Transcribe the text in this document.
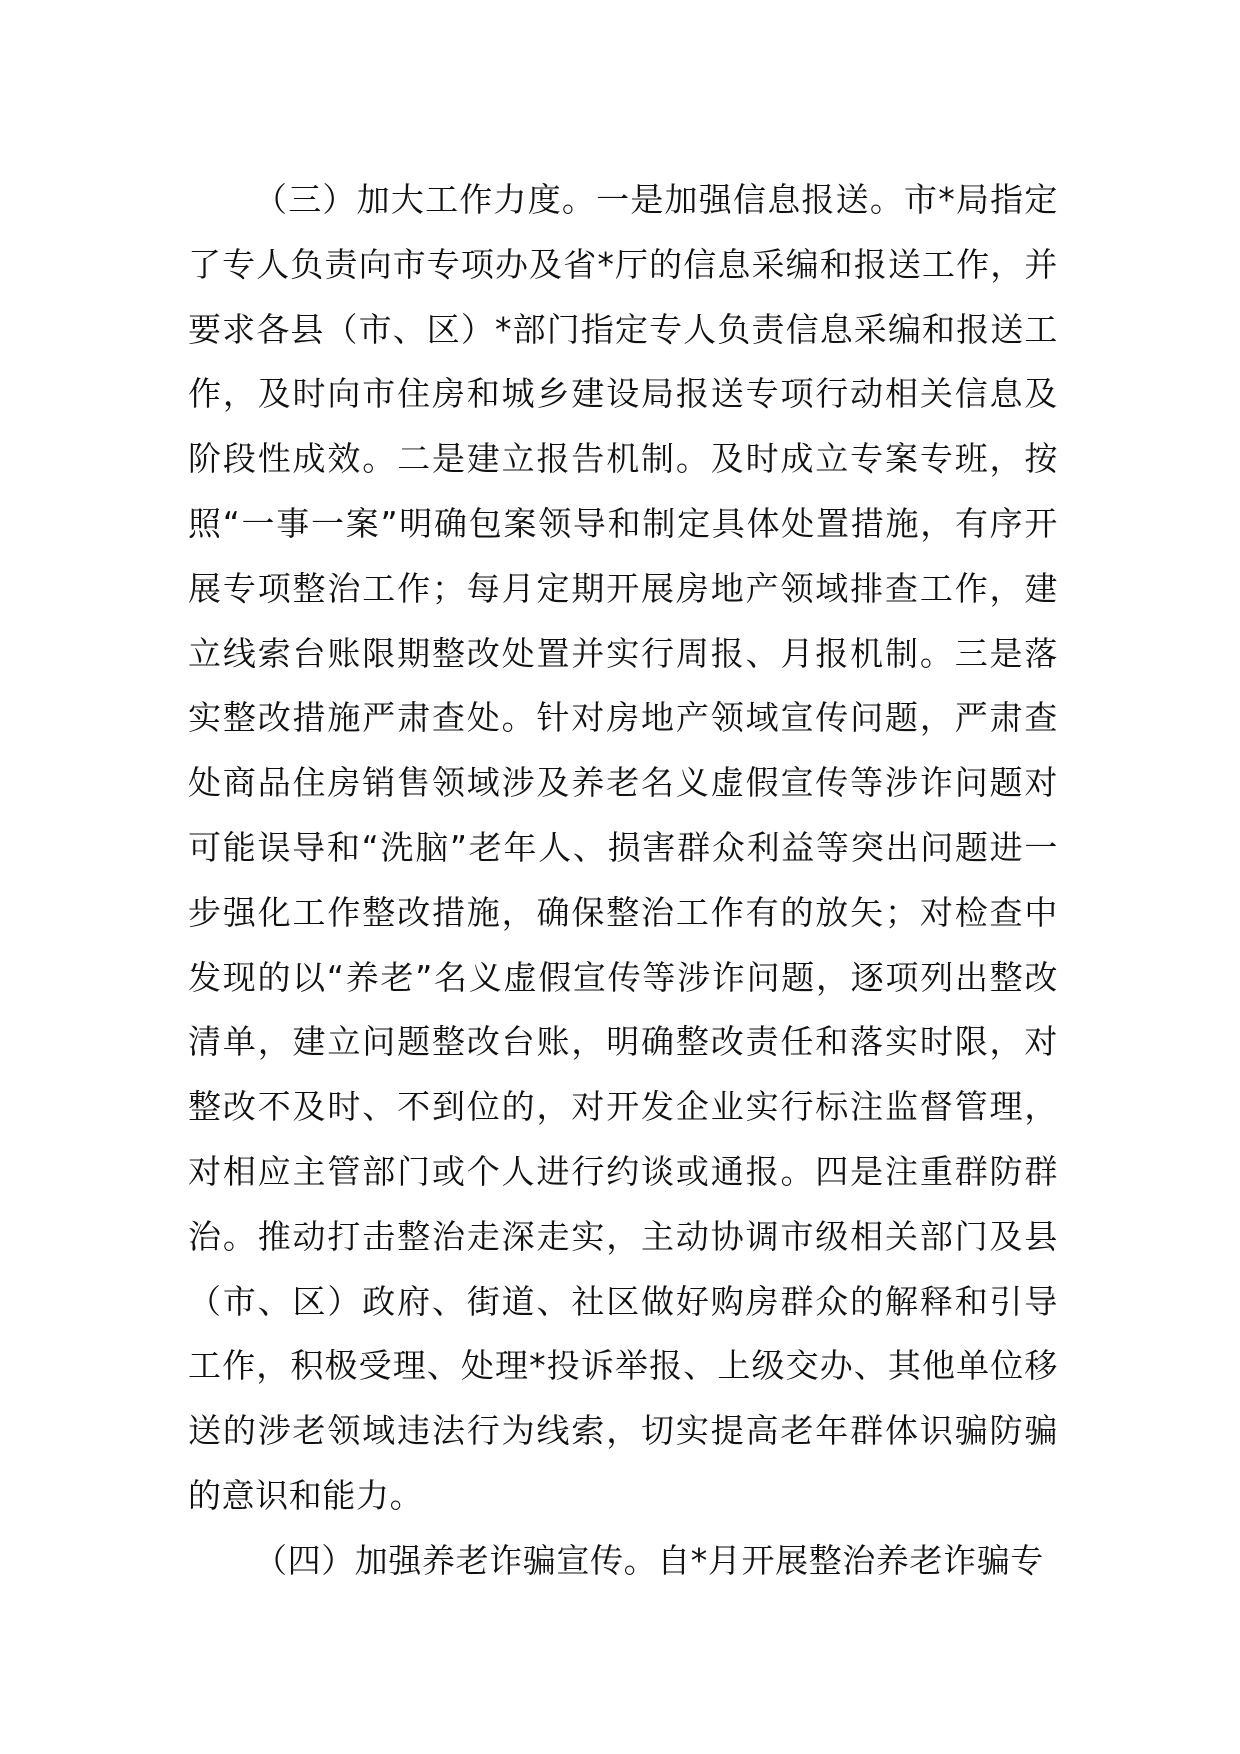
（三）加大工作力度。一是加强信息报送。市*局指定了专人负责向市专项办及省*厅的信息采编和报送工作，并要求各县（市、区）*部门指定专人负责信息采编和报送工作，及时向市住房和城乡建设局报送专项行动相关信息及阶段性成效。二是建立报告机制。及时成立专案专班，按照“一事一案”明确包案领导和制定具体处置措施，有序开展专项整治工作；每月定期开展房地产领域排查工作，建立线索台账限期整改处置并实行周报、月报机制。三是落实整改措施严肃查处。针对房地产领域宣传问题，严肃查处商品住房销售领域涉及养老名义虚假宣传等涉诈问题对可能误导和“洗脑”老年人、损害群众利益等突出问题进一步强化工作整改措施，确保整治工作有的放矢；对检查中发现的以“养老”名义虚假宣传等涉诈问题，逐项列出整改清单，建立问题整改台账，明确整改责任和落实时限，对整改不及时、不到位的，对开发企业实行标注监督管理，对相应主管部门或个人进行约谈或通报。四是注重群防群治。推动打击整治走深走实，主动协调市级相关部门及县（市、区）政府、街道、社区做好购房群众的解释和引导工作，积极受理、处理*投诉举报、上级交办、其他单位移送的涉老领域违法行为线索，切实提高老年群体识骗防骗的意识和能力。

（四）加强养老诈骗宣传。自*月开展整治养老诈骗专
